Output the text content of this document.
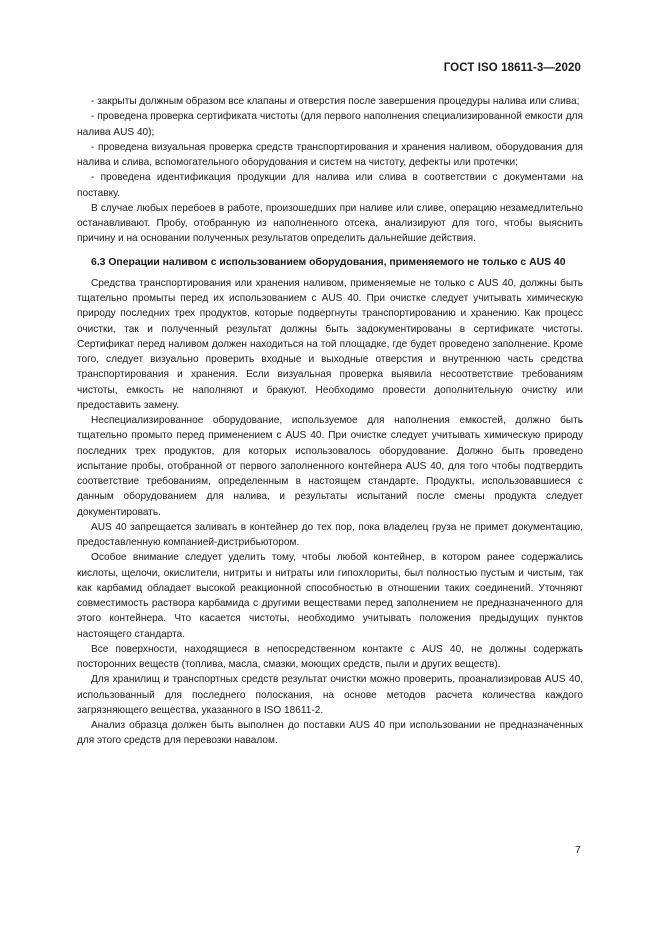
ГОСТ ISO 18611-3—2020

- закрыты должным образом все клапаны и отверстия после завершения процедуры налива или слива;

- проведена проверка сертификата чистоты (для первого наполнения специализированной емкости для налива AUS 40);

- проведена визуальная проверка средств транспортирования и хранения наливом, оборудования для налива и слива, вспомогательного оборудования и систем на чистоту, дефекты или протечки;

- проведена идентификация продукции для налива или слива в соответствии с документами на поставку.

В случае любых перебоев в работе, произошедших при наливе или сливе, операцию незамедлительно останавливают. Пробу, отобранную из наполненного отсека, анализируют для того, чтобы выяснить причину и на основании полученных результатов определить дальнейшие действия.

6.3 Операции наливом с использованием оборудования, применяемого не только с AUS 40

Средства транспортирования или хранения наливом, применяемые не только с AUS 40, должны быть тщательно промыты перед их использованием с AUS 40. При очистке следует учитывать химическую природу последних трех продуктов, которые подвергнуты транспортированию и хранению. Как процесс очистки, так и полученный результат должны быть задокументированы в сертификате чистоты. Сертификат перед наливом должен находиться на той площадке, где будет проведено заполнение. Кроме того, следует визуально проверить входные и выходные отверстия и внутреннюю часть средства транспортирования и хранения. Если визуальная проверка выявила несоответствие требованиям чистоты, емкость не наполняют и бракуют. Необходимо провести дополнительную очистку или предоставить замену.

Неспециализированное оборудование, используемое для наполнения емкостей, должно быть тщательно промыто перед применением с AUS 40. При очистке следует учитывать химическую природу последних трех продуктов, для которых использовалось оборудование. Должно быть проведено испытание пробы, отобранной от первого заполненного контейнера AUS 40, для того чтобы подтвердить соответствие требованиям, определенным в настоящем стандарте. Продукты, использовавшиеся с данным оборудованием для налива, и результаты испытаний после смены продукта следует документировать.

AUS 40 запрещается заливать в контейнер до тех пор, пока владелец груза не примет документацию, предоставленную компанией-дистрибьютором.

Особое внимание следует уделить тому, чтобы любой контейнер, в котором ранее содержались кислоты, щелочи, окислители, нитриты и нитраты или гипохлориты, был полностью пустым и чистым, так как карбамид обладает высокой реакционной способностью в отношении таких соединений. Уточняют совместимость раствора карбамида с другими веществами перед заполнением не предназначенного для этого контейнера. Что касается чистоты, необходимо учитывать положения предыдущих пунктов настоящего стандарта.

Все поверхности, находящиеся в непосредственном контакте с AUS 40, не должны содержать посторонних веществ (топлива, масла, смазки, моющих средств, пыли и других веществ).

Для хранилищ и транспортных средств результат очистки можно проверить, проанализировав AUS 40, использованный для последнего полоскания, на основе методов расчета количества каждого загрязняющего вещества, указанного в ISO 18611-2.

Анализ образца должен быть выполнен до поставки AUS 40 при использовании не предназначенных для этого средств для перевозки навалом.

7
